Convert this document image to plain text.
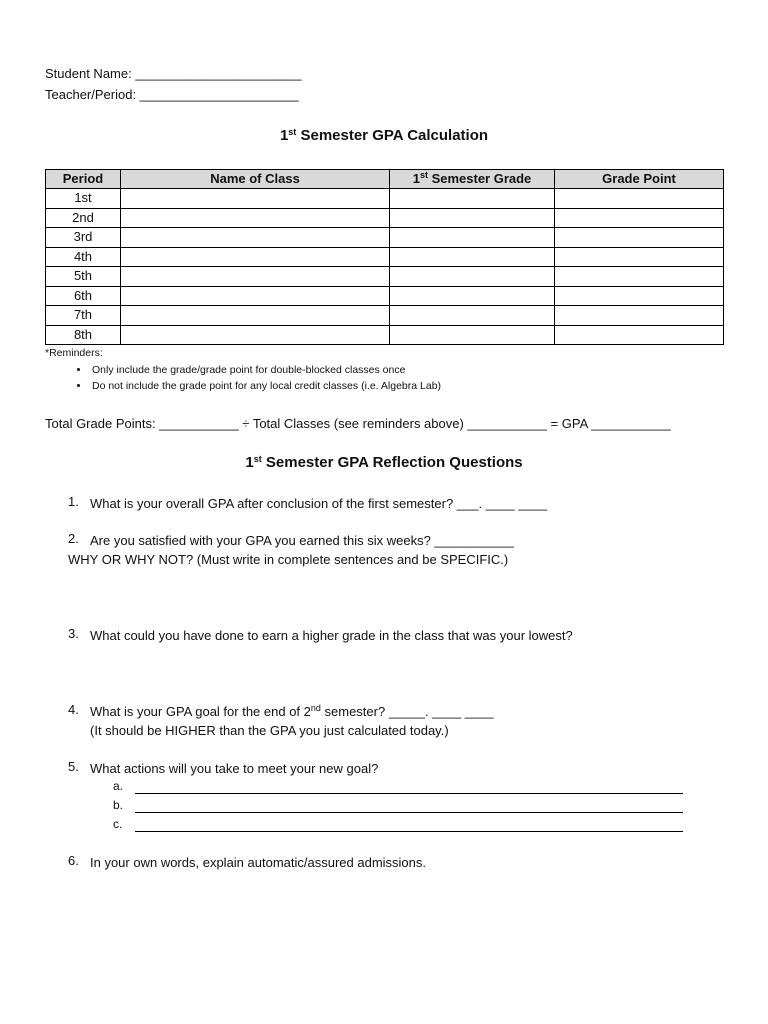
Student Name: _______________________
Teacher/Period: ______________________
1st Semester GPA Calculation
Period	Name of Class	1st Semester Grade	Grade Point
1st			
2nd			
3rd			
4th			
5th			
6th			
7th			
8th			
*Reminders:
• Only include the grade/grade point for double-blocked classes once
• Do not include the grade point for any local credit classes (i.e. Algebra Lab)
Total Grade Points: ___________ ÷ Total Classes (see reminders above) ___________ = GPA ___________
1st Semester GPA Reflection Questions
1. What is your overall GPA after conclusion of the first semester? ___. ____ ____
2. Are you satisfied with your GPA you earned this six weeks? ___________
WHY OR WHY NOT? (Must write in complete sentences and be SPECIFIC.)
3. What could you have done to earn a higher grade in the class that was your lowest?
4. What is your GPA goal for the end of 2nd semester? _____. ____ ____
(It should be HIGHER than the GPA you just calculated today.)
5. What actions will you take to meet your new goal?
a.
b.
c.
6. In your own words, explain automatic/assured admissions.
